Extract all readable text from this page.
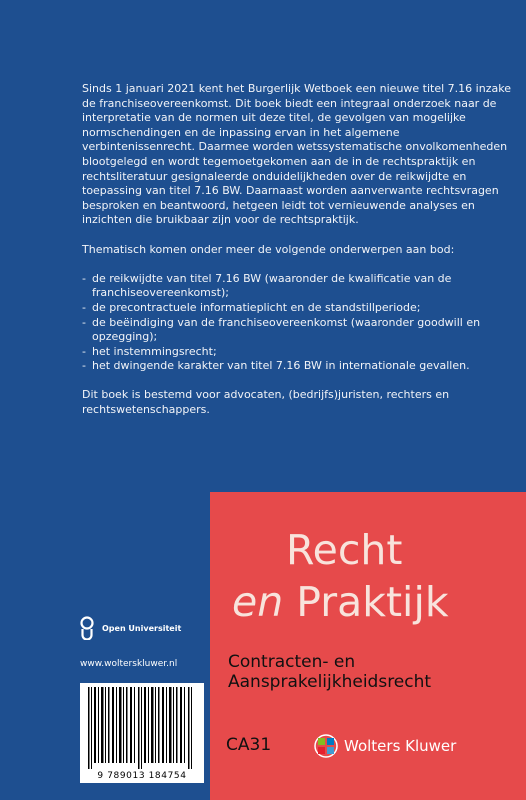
Sinds 1 januari 2021 kent het Burgerlijk Wetboek een nieuwe titel 7.16 inzake de franchiseovereenkomst. Dit boek biedt een integraal onderzoek naar de interpretatie van de normen uit deze titel, de gevolgen van mogelijke normschendingen en de inpassing ervan in het algemene verbintenissenrecht. Daarmee worden wetssystematische onvolkomenheden blootgelegd en wordt tegemoetgekomen aan de in de rechtspraktijk en rechtsliteratuur gesignaleerde onduidelijkheden over de reikwijdte en toepassing van titel 7.16 BW. Daarnaast worden aanverwante rechtsvragen besproken en beantwoord, hetgeen leidt tot vernieuwende analyses en inzichten die bruikbaar zijn voor de rechtspraktijk.

Thematisch komen onder meer de volgende onderwerpen aan bod:

- de reikwijdte van titel 7.16 BW (waaronder de kwalificatie van de franchiseovereenkomst);
- de precontractuele informatieplicht en de standstillperiode;
- de beëindiging van de franchiseovereenkomst (waaronder goodwill en opzegging);
- het instemmingsrecht;
- het dwingende karakter van titel 7.16 BW in internationale gevallen.

Dit boek is bestemd voor advocaten, (bedrijfs)juristen, rechters en rechtswetenschappers.

Open Universiteit
www.wolterskluwer.nl
9 789013 184754
Recht
en Praktijk
Contracten- en Aansprakelijkheidsrecht
CA31	Wolters Kluwer
